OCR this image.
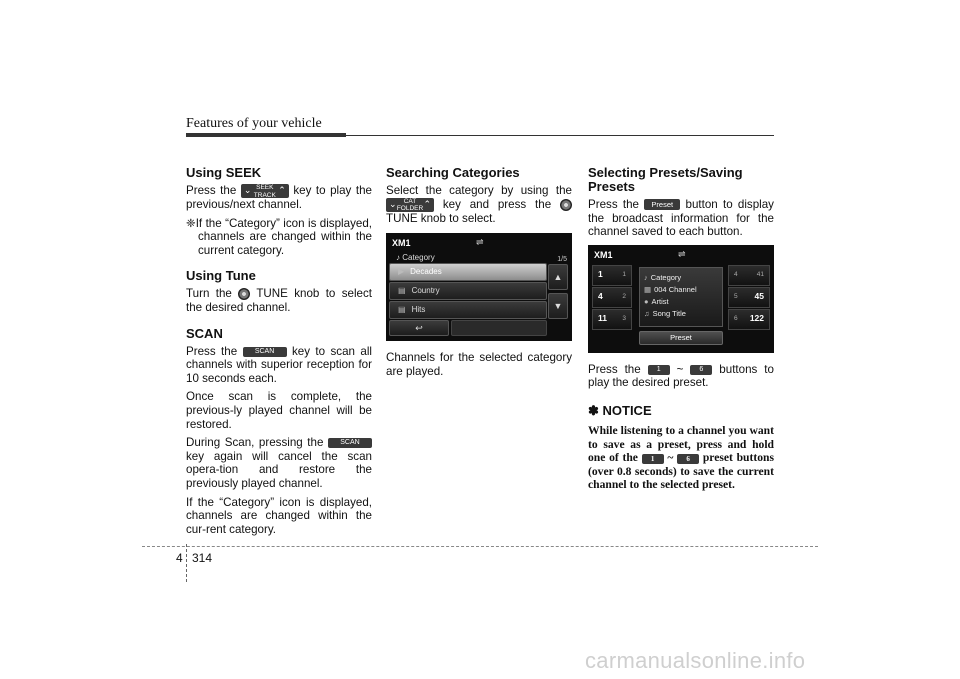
Features of your vehicle
Using SEEK
Press the ⌄ SEEK
TRACK ⌃ key to play the previous/next channel.
❈If the “Category” icon is displayed, channels are changed within the current category.
Using Tune
Turn the TUNE knob to select the desired channel.
SCAN
Press the	SCAN key to scan all channels with superior reception for 10 seconds each.
Once scan is complete, the previous-ly played channel will be restored.
During Scan, pressing the SCAN key again will cancel the scan opera-tion and restore the previously played channel.
If the “Category” icon is displayed, channels are changed within the cur-rent category.
Searching Categories
Select the category by using the
⌄	CAT
FOLDER ⌃ key and press the  TUNE knob to select.
XM1	⇌
♪ Category	1/5
▶ Decades
▤ Country
▤ Hits
▲
▼
↩
Channels for the selected category are played.
Selecting Presets/Saving Presets
Press the Preset button to display the broadcast information for the channel saved to each button.
XM1	⇌
1	1
4	2
11 3
♪ Category
▦ 004 Channel
● Artist
♫ Song Title
4	41
5 45
6 122
Preset
Press the 1 ~ 6 buttons to play the desired preset.
✽ NOTICE
While listening to a channel you want to save as a preset, press and hold one of the 1 ~ 6 preset buttons (over 0.8 seconds) to save the current channel to the selected preset.
4 314
carmanualsonline.info
